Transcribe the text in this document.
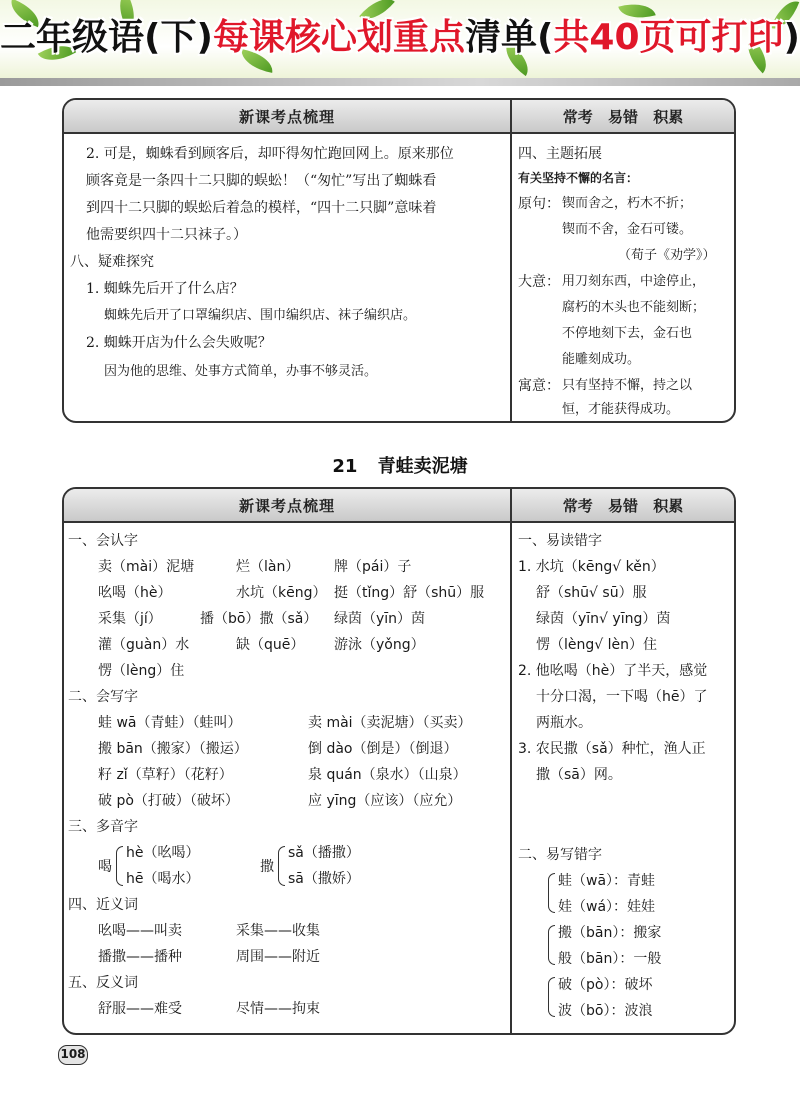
二年级语(下)每课核心划重点清单(共40页可打印)
新课考点梳理	常考 易错 积累
2. 可是，蜘蛛看到顾客后，却吓得匆忙跑回网上。原来那位
顾客竟是一条四十二只脚的蜈蚣！（“匆忙”写出了蜘蛛看
到四十二只脚的蜈蚣后着急的模样，“四十二只脚”意味着
他需要织四十二只袜子。）
八、疑难探究
1. 蜘蛛先后开了什么店？
蜘蛛先后开了口罩编织店、围巾编织店、袜子编织店。
2. 蜘蛛开店为什么会失败呢？
因为他的思维、处事方式简单，办事不够灵活。
四、主题拓展
有关坚持不懈的名言：
原句： 锲而舍之，朽木不折；
锲而不舍，金石可镂。
（荀子《劝学》）
大意： 用刀刻东西，中途停止，
腐朽的木头也不能刻断；
不停地刻下去，金石也
能雕刻成功。
寓意： 只有坚持不懈，持之以
恒，才能获得成功。
21 青蛙卖泥塘
新课考点梳理	常考 易错 积累
一、会认字
卖（mài）泥塘	烂（làn） 牌（pái）子
吆喝（hè）	水坑（kēng） 挺（tǐng）舒（shū）服
采集（jí）	播（bō）撒（sǎ） 绿茵（yīn）茵
灌（guàn）水	缺（quē） 游泳（yǒng）
愣（lèng）住
二、会写字
蛙 wā（青蛙）（蛙叫）	卖 mài（卖泥塘）（买卖）
搬 bān（搬家）（搬运）	倒 dào（倒是）（倒退）
籽 zǐ（草籽）（花籽）	泉 quán（泉水）（山泉）
破 pò（打破）（破坏）	应 yīng（应该）（应允）
三、多音字
喝
hè（吆喝）
hē（喝水）
撒
sǎ（播撒）
sā（撒娇）
四、近义词
吆喝——叫卖	采集——收集
播撒——播种	周围——附近
五、反义词
舒服——难受	尽情——拘束
一、易读错字
1. 水坑（kēng√ kěn）
舒（shū√ sū）服
绿茵（yīn√ yīng）茵
愣（lèng√ lèn）住
2. 他吆喝（hè）了半天，感觉
十分口渴，一下喝（hē）了
两瓶水。
3. 农民撒（sǎ）种忙，渔人正
撒（sā）网。
二、易写错字
蛙（wā）：青蛙
娃（wá）：娃娃
搬（bān）：搬家
般（bān）：一般
破（pò）：破坏
波（bō）：波浪
108
